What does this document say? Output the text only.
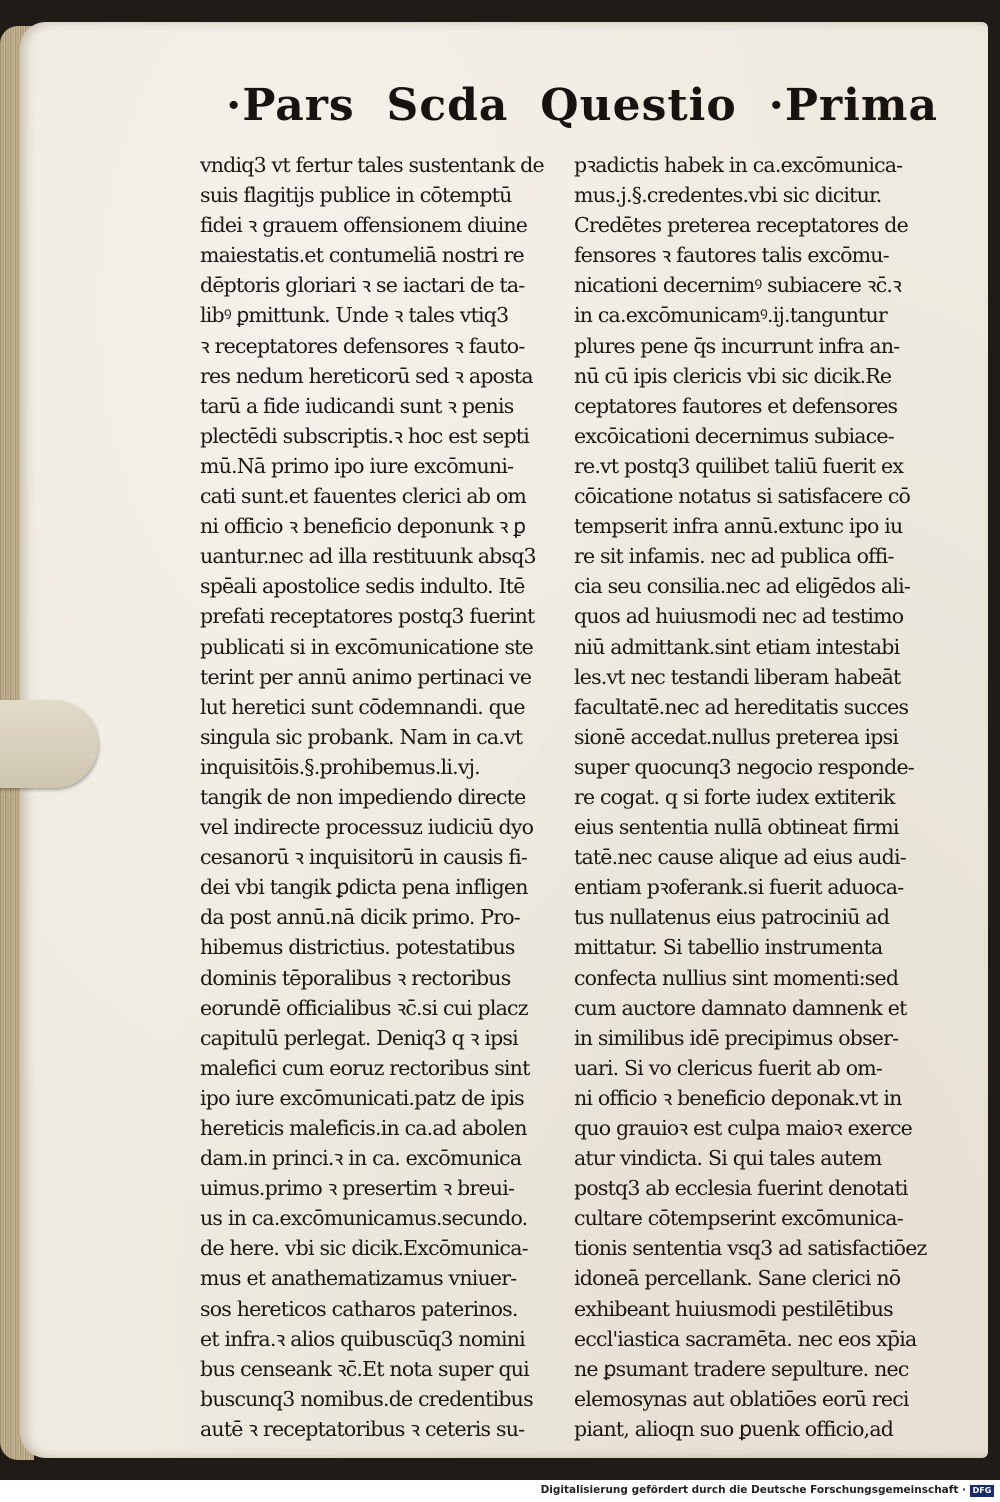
·Pars Scda Questio ·Prima
vndiq3 vt fertur tales sustentank de
suis flagitijs publice in cōtemptū
fidei ꝛ grauem offensionem diuine
maiestatis.et contumeliā nostri re
dēptoris gloriari ꝛ se iactari de ta-
libꝰ ꝑmittunk. Unde ꝛ tales vtiq3
ꝛ receptatores defensores ꝛ fauto-
res nedum hereticorū sed ꝛ aposta
tarū a fide iudicandi sunt ꝛ penis
plectēdi subscriptis.ꝛ hoc est septi
mū.Nā primo ipo iure excōmuni-
cati sunt.et fauentes clerici ab om
ni officio ꝛ beneficio deponunk ꝛ ꝑ
uantur.nec ad illa restituunk absq3
spēali apostolice sedis indulto. Itē
prefati receptatores postq3 fuerint
publicati si in excōmunicatione ste
terint per annū animo pertinaci ve
lut heretici sunt cōdemnandi. que
singula sic probank. Nam in ca.vt
inquisitōis.§.prohibemus.li.vj.
tangik de non impediendo directe
vel indirecte processuz iudiciū dyo
cesanorū ꝛ inquisitorū in causis fi-
dei vbi tangik ꝑdicta pena infligen
da post annū.nā dicik primo. Pro-
hibemus districtius. potestatibus
dominis tēporalibus ꝛ rectoribus
eorundē officialibus ꝛc̄.si cui placz
capitulū perlegat. Deniq3 q ꝛ ipsi
malefici cum eoruz rectoribus sint
ipo iure excōmunicati.patz de ipis
hereticis maleficis.in ca.ad abolen
dam.in princi.ꝛ in ca. excōmunica
uimus.primo ꝛ presertim ꝛ breui-
us in ca.excōmunicamus.secundo.
de here. vbi sic dicik.Excōmunica-
mus et anathematizamus vniuer-
sos hereticos catharos paterinos.
et infra.ꝛ alios quibuscūq3 nomini
bus censeank ꝛc̄.Et nota super qui
buscunq3 nomibus.de credentibus
autē ꝛ receptatoribus ꝛ ceteris su-
pꝛadictis habek in ca.excōmunica-
mus.j.§.credentes.vbi sic dicitur.
Credētes preterea receptatores de
fensores ꝛ fautores talis excōmu-
nicationi decernimꝰ subiacere ꝛc̄.ꝛ
in ca.excōmunicamꝰ.ij.tanguntur
plures pene q̄s incurrunt infra an-
nū cū ipis clericis vbi sic dicik.Re
ceptatores fautores et defensores
excōicationi decernimus subiace-
re.vt postq3 quilibet taliū fuerit ex
cōicatione notatus si satisfacere cō
tempserit infra annū.extunc ipo iu
re sit infamis. nec ad publica offi-
cia seu consilia.nec ad eligēdos ali-
quos ad huiusmodi nec ad testimo
niū admittank.sint etiam intestabi
les.vt nec testandi liberam habeāt
facultatē.nec ad hereditatis succes
sionē accedat.nullus preterea ipsi
super quocunq3 negocio responde-
re cogat. q si forte iudex extiterik
eius sententia nullā obtineat firmi
tatē.nec cause alique ad eius audi-
entiam pꝛoferank.si fuerit aduoca-
tus nullatenus eius patrociniū ad
mittatur. Si tabellio instrumenta
confecta nullius sint momenti:sed
cum auctore damnato damnenk et
in similibus idē precipimus obser-
uari. Si vo clericus fuerit ab om-
ni officio ꝛ beneficio deponak.vt in
quo grauioꝛ est culpa maioꝛ exerce
atur vindicta. Si qui tales autem
postq3 ab ecclesia fuerint denotati
cultare cōtempserint excōmunica-
tionis sententia vsq3 ad satisfactiōez
idoneā percellank. Sane clerici nō
exhibeant huiusmodi pestilētibus
eccl'iastica sacramēta. nec eos xp̄ia
ne ꝑsumant tradere sepulture. nec
elemosynas aut oblatiōes eorū reci
piant, alioqn suo ꝑuenk officio,ad
Digitalisierung gefördert durch die Deutsche Forschungsgemeinschaft · DFG
